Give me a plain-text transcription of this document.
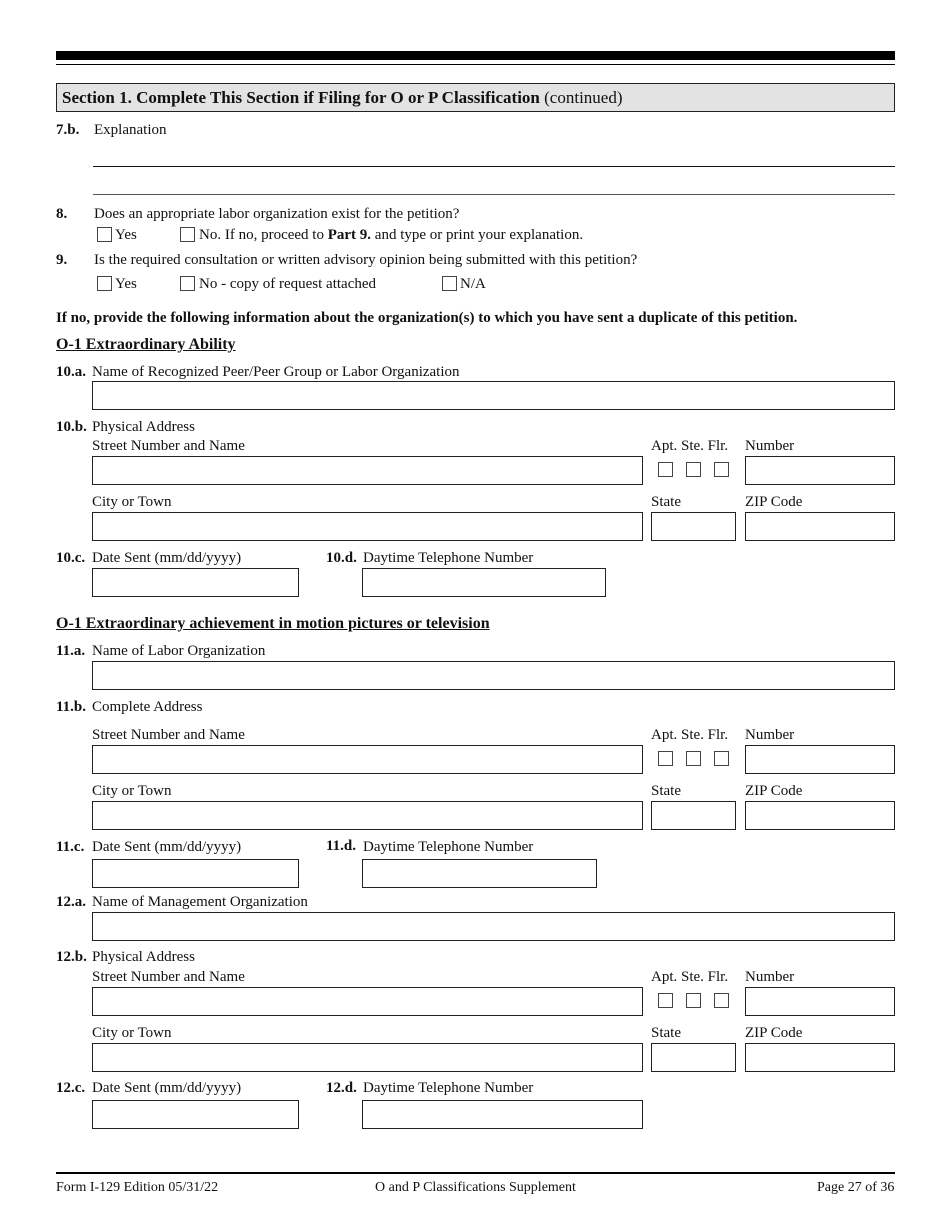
Section 1. Complete This Section if Filing for O or P Classification (continued)
7.b. Explanation
8. Does an appropriate labor organization exist for the petition?
Yes	No. If no, proceed to Part 9. and type or print your explanation.
9. Is the required consultation or written advisory opinion being submitted with this petition?
Yes	No - copy of request attached	N/A
If no, provide the following information about the organization(s) to which you have sent a duplicate of this petition.
O-1 Extraordinary Ability
10.a. Name of Recognized Peer/Peer Group or Labor Organization
10.b. Physical Address
Street Number and Name	Apt. Ste. Flr. Number
City or Town	State	ZIP Code
10.c. Date Sent (mm/dd/yyyy)	10.d. Daytime Telephone Number
O-1 Extraordinary achievement in motion pictures or television
11.a. Name of Labor Organization
11.b. Complete Address
Street Number and Name	Apt. Ste. Flr. Number
City or Town	State	ZIP Code
11.c. Date Sent (mm/dd/yyyy)	11.d. Daytime Telephone Number
12.a. Name of Management Organization
12.b. Physical Address
Street Number and Name	Apt. Ste. Flr. Number
City or Town	State	ZIP Code
12.c. Date Sent (mm/dd/yyyy)	12.d. Daytime Telephone Number
Form I-129 Edition 05/31/22	O and P Classifications Supplement	Page 27 of 36
